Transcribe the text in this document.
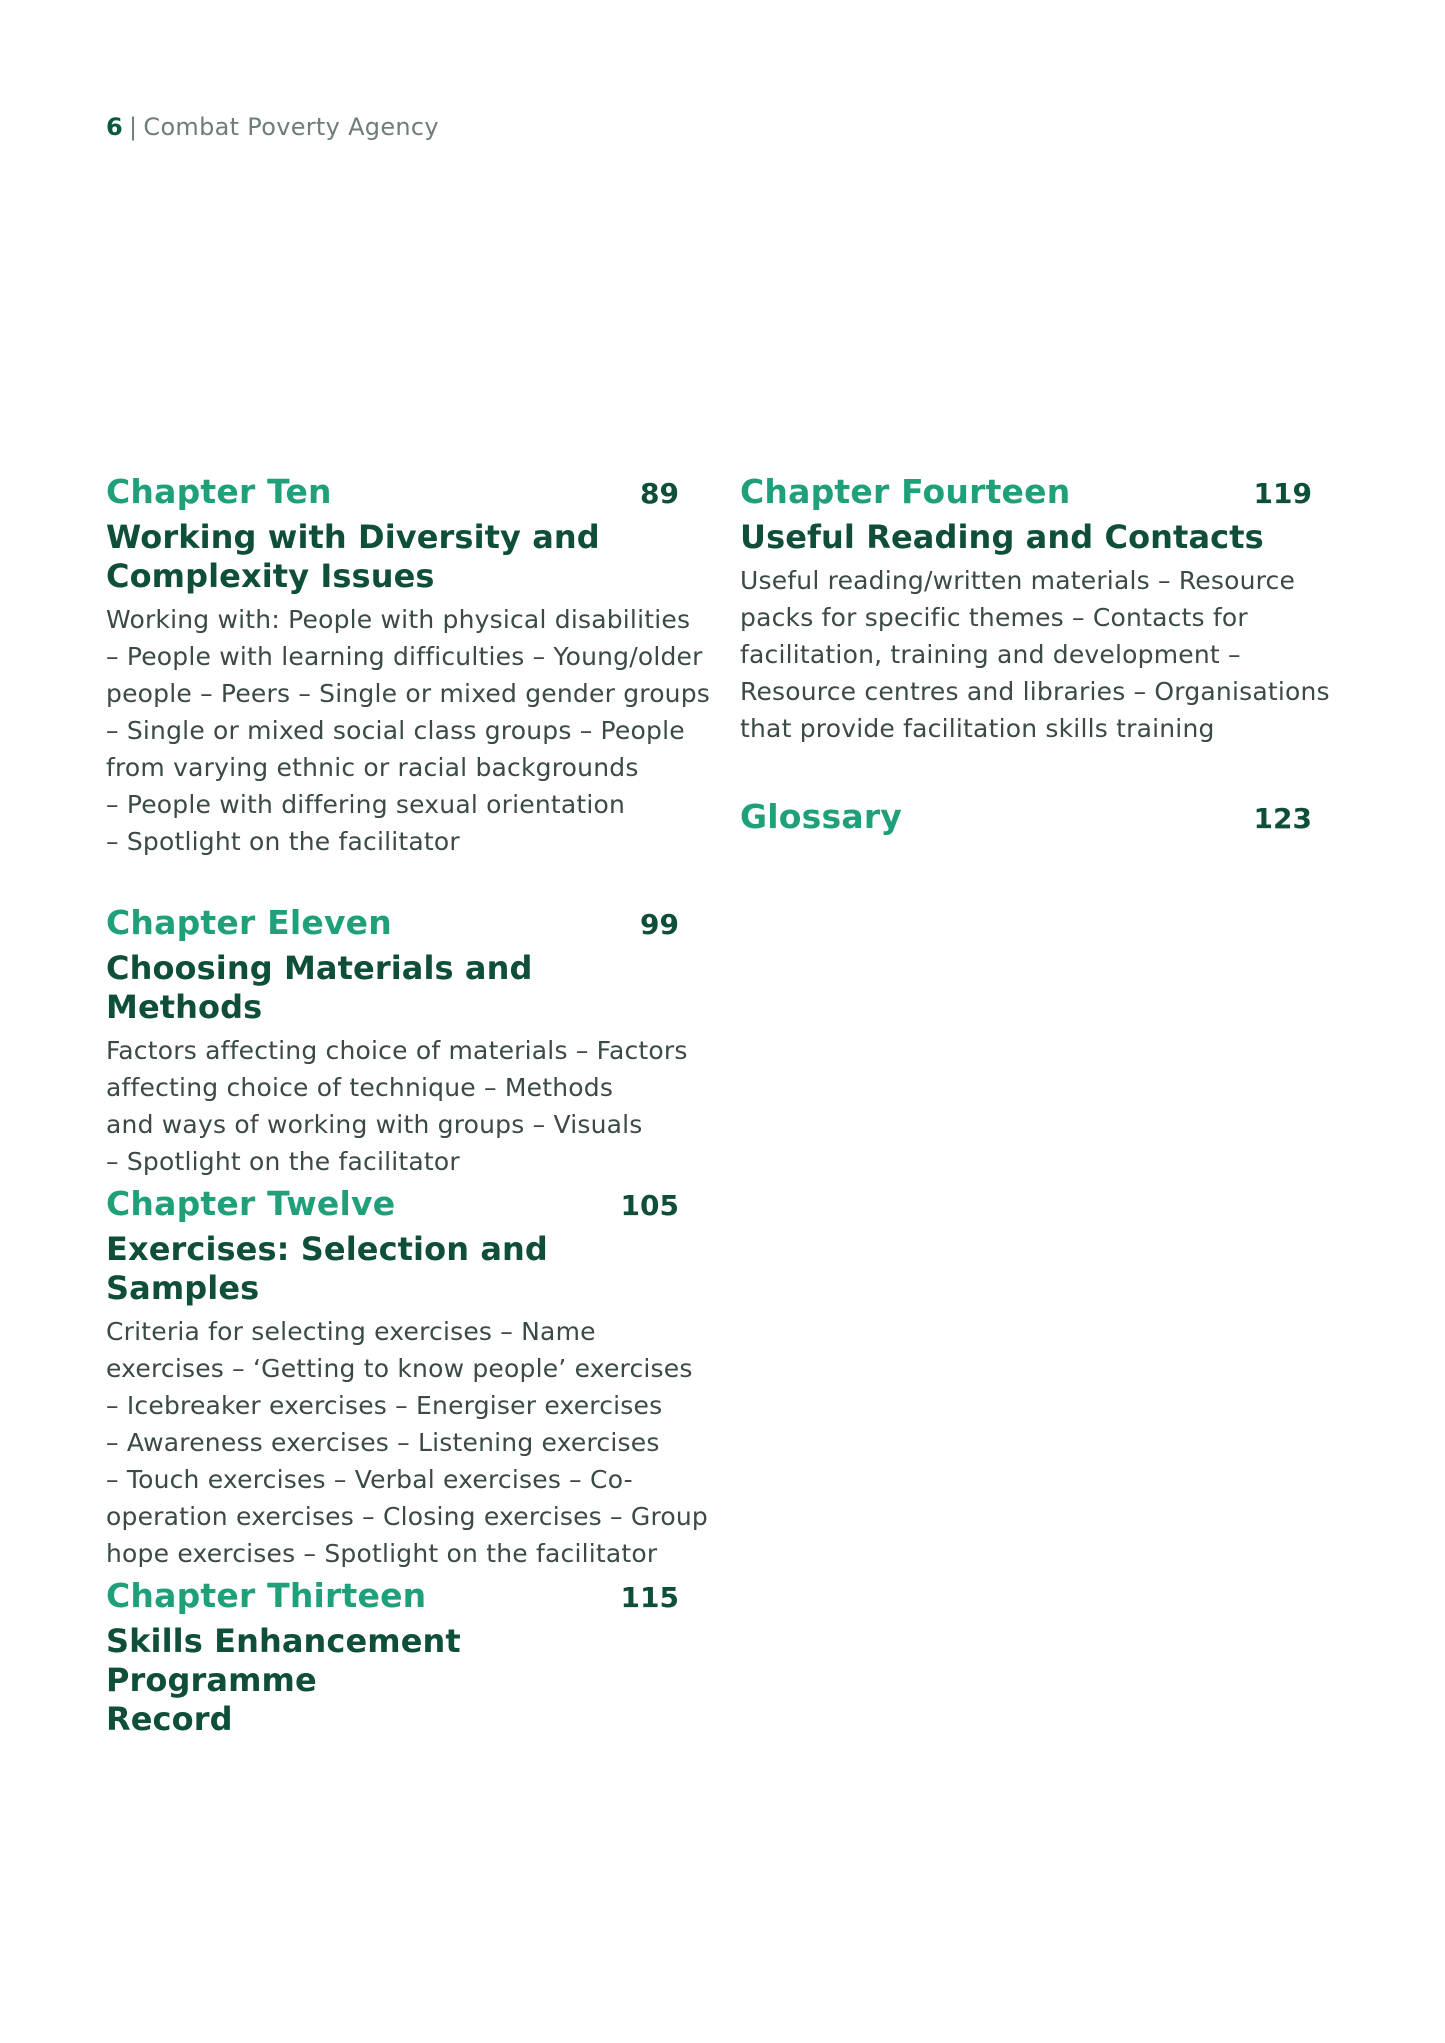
6 | Combat Poverty Agency
Chapter Ten	89
Working with Diversity and
Complexity Issues
Working with: People with physical disabilities
– People with learning difficulties – Young/older
people – Peers – Single or mixed gender groups
– Single or mixed social class groups – People
from varying ethnic or racial backgrounds
– People with differing sexual orientation
– Spotlight on the facilitator
Chapter Eleven	99
Choosing Materials and Methods
Factors affecting choice of materials – Factors
affecting choice of technique – Methods
and ways of working with groups – Visuals
– Spotlight on the facilitator
Chapter Twelve	105
Exercises: Selection and Samples
Criteria for selecting exercises – Name
exercises – ‘Getting to know people’ exercises
– Icebreaker exercises – Energiser exercises
– Awareness exercises – Listening exercises
– Touch exercises – Verbal exercises – Co-
operation exercises – Closing exercises – Group
hope exercises – Spotlight on the facilitator
Chapter Thirteen	115
Skills Enhancement Programme
Record
Chapter Fourteen	119
Useful Reading and Contacts
Useful reading/written materials – Resource
packs for specific themes – Contacts for
facilitation, training and development –
Resource centres and libraries – Organisations
that provide facilitation skills training
Glossary	123
